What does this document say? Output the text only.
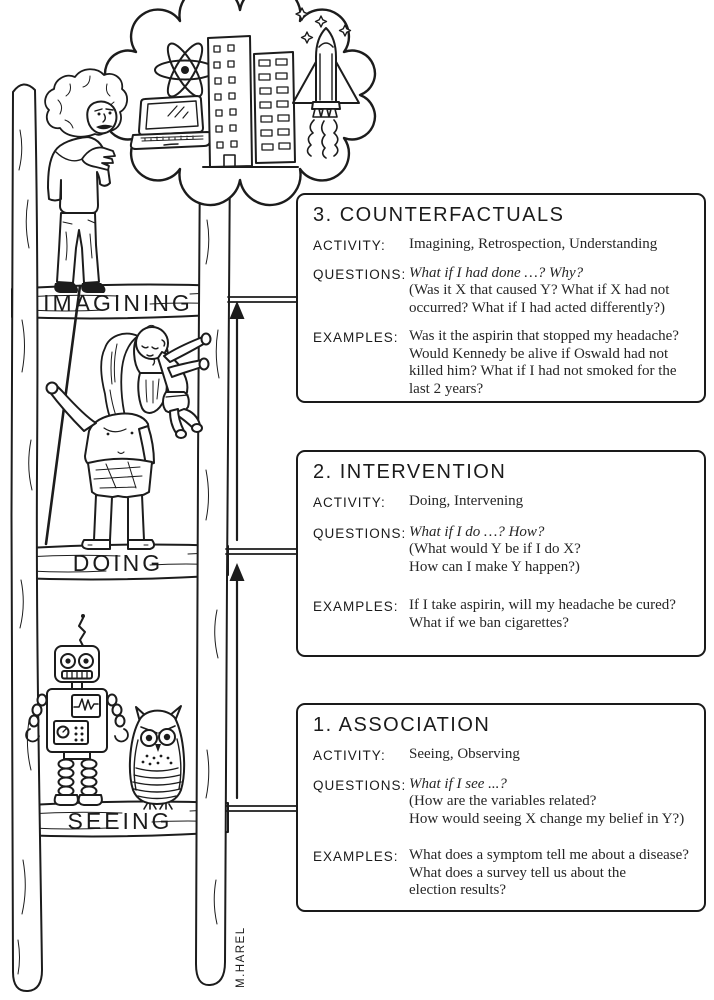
IMAGINING
DOING
SEEING
M.HAREL
3. COUNTERFACTUALS
ACTIVITY:	Imagining, Retrospection, Understanding
QUESTIONS: What if I had done …? Why?
(Was it X that caused Y? What if X had not
occurred? What if I had acted differently?)
EXAMPLES: Was it the aspirin that stopped my headache?
Would Kennedy be alive if Oswald had not
killed him? What if I had not smoked for the
last 2 years?
2. INTERVENTION
ACTIVITY:	Doing, Intervening
QUESTIONS: What if I do …? How?
(What would Y be if I do X?
How can I make Y happen?)
EXAMPLES: If I take aspirin, will my headache be cured?
What if we ban cigarettes?
1. ASSOCIATION
ACTIVITY:	Seeing, Observing
QUESTIONS: What if I see ...?
(How are the variables related?
How would seeing X change my belief in Y?)
EXAMPLES: What does a symptom tell me about a disease?
What does a survey tell us about the
election results?
